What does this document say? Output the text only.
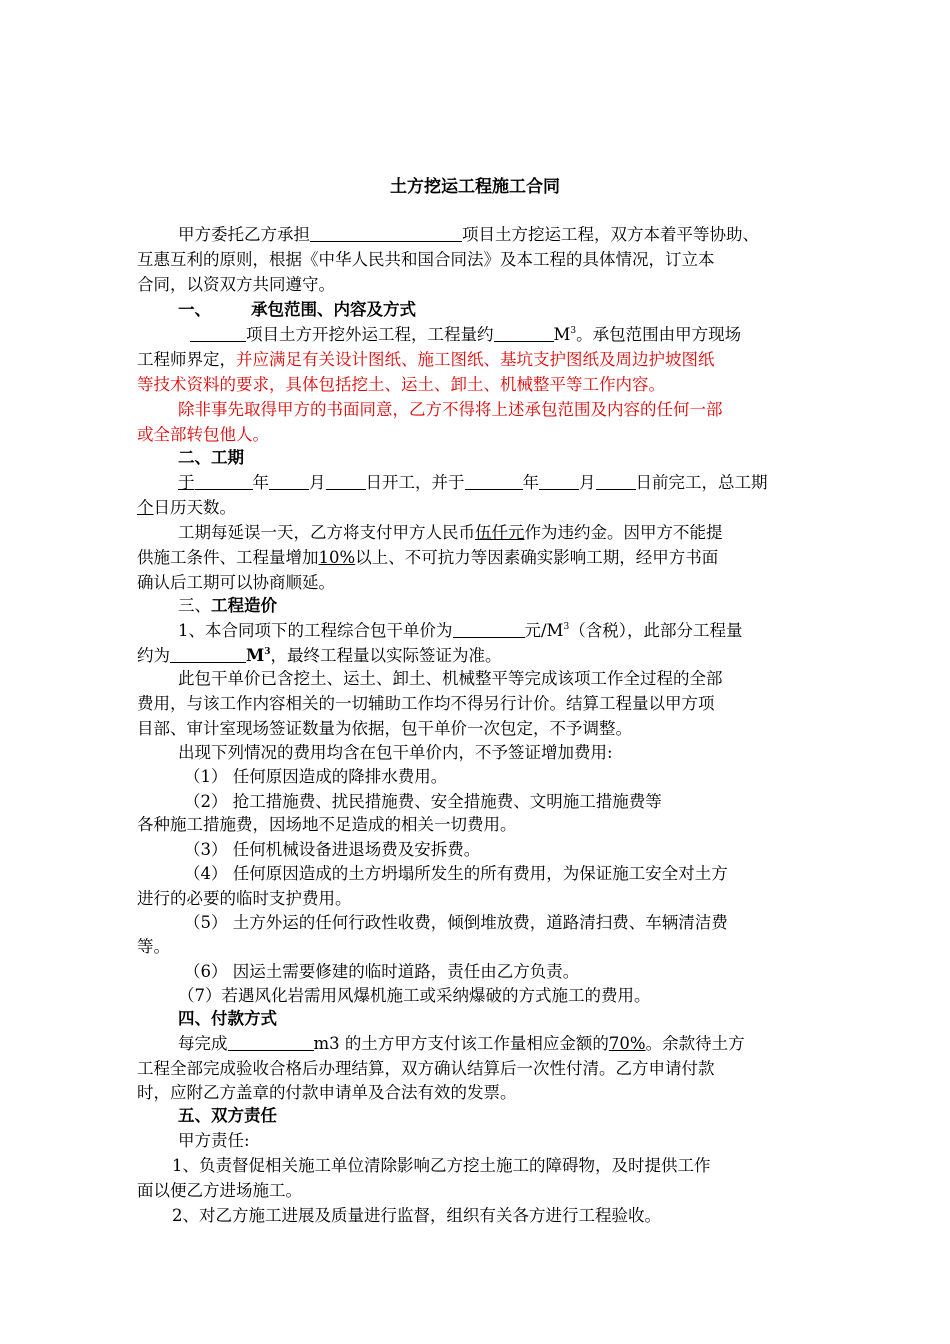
土方挖运工程施工合同
甲方委托乙方承担	项目土方挖运工程，双方本着平等协助、
互惠互利的原则，根据《中华人民共和国合同法》及本工程的具体情况，订立本
合同，以资双方共同遵守。
一、 承包范围、内容及方式
项目土方开挖外运工程，工程量约	$M^3$。承包范围由甲方现场
工程师界定，并应满足有关设计图纸、施工图纸、基坑支护图纸及周边护坡图纸
等技术资料的要求，具体包括挖土、运土、卸土、机械整平等工作内容。
除非事先取得甲方的书面同意，乙方不得将上述承包范围及内容的任何一部
或全部转包他人。
二、工期
于	年 月 日开工，并于	年 月 日前完工，总工期
个日历天数。
工期每延误一天，乙方将支付甲方人民币伍仟元作为违约金。因甲方不能提
供施工条件、工程量增加10%以上、不可抗力等因素确实影响工期，经甲方书面
确认后工期可以协商顺延。
三、工程造价
1、本合同项下的工程综合包干单价为	元$/M^3$（含税），此部分工程量
约为	$M^3$，最终工程量以实际签证为准。
此包干单价已含挖土、运土、卸土、机械整平等完成该项工作全过程的全部
费用，与该工作内容相关的一切辅助工作均不得另行计价。结算工程量以甲方项
目部、审计室现场签证数量为依据，包干单价一次包定，不予调整。
出现下列情况的费用均含在包干单价内，不予签证增加费用:
（1） 任何原因造成的降排水费用。
（2） 抢工措施费、扰民措施费、安全措施费、文明施工措施费等
各种施工措施费，因场地不足造成的相关一切费用。
（3） 任何机械设备进退场费及安拆费。
（4） 任何原因造成的土方坍塌所发生的所有费用，为保证施工安全对土方
进行的必要的临时支护费用。
（5） 土方外运的任何行政性收费，倾倒堆放费，道路清扫费、车辆清洁费
等。
（6） 因运土需要修建的临时道路，责任由乙方负责。
（7）若遇风化岩需用风爆机施工或采纳爆破的方式施工的费用。
四、付款方式
每完成	m3 的土方甲方支付该工作量相应金额的70%。余款待土方
工程全部完成验收合格后办理结算，双方确认结算后一次性付清。乙方申请付款
时，应附乙方盖章的付款申请单及合法有效的发票。
五、双方责任
甲方责任:
1、负责督促相关施工单位清除影响乙方挖土施工的障碍物，及时提供工作
面以便乙方进场施工。
2、对乙方施工进展及质量进行监督，组织有关各方进行工程验收。
